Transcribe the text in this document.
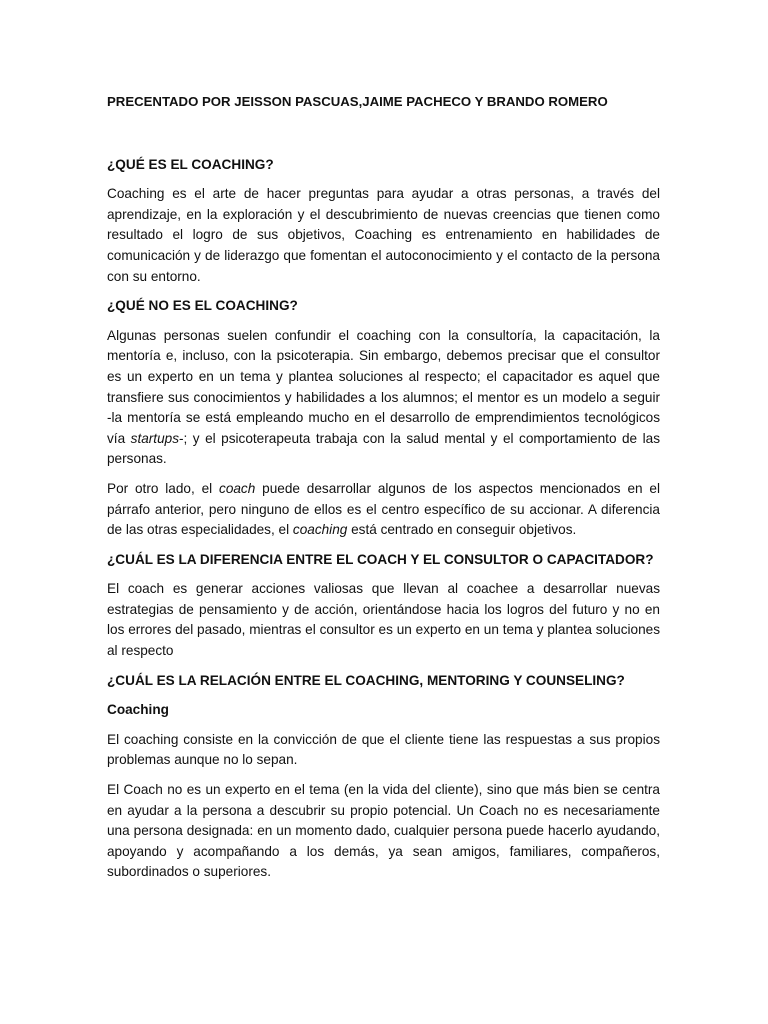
PRECENTADO POR JEISSON PASCUAS,JAIME PACHECO Y BRANDO ROMERO
¿QUÉ ES EL COACHING?

Coaching es el arte de hacer preguntas para ayudar a otras personas, a través del aprendizaje, en la exploración y el descubrimiento de nuevas creencias que tienen como resultado el logro de sus objetivos, Coaching es entrenamiento en habilidades de comunicación y de liderazgo que fomentan el autoconocimiento y el contacto de la persona con su entorno.

¿QUÉ NO ES EL COACHING?

Algunas personas suelen confundir el coaching con la consultoría, la capacitación, la mentoría e, incluso, con la psicoterapia. Sin embargo, debemos precisar que el consultor es un experto en un tema y plantea soluciones al respecto; el capacitador es aquel que transfiere sus conocimientos y habilidades a los alumnos; el mentor es un modelo a seguir -la mentoría se está empleando mucho en el desarrollo de emprendimientos tecnológicos vía startups-; y el psicoterapeuta trabaja con la salud mental y el comportamiento de las personas.

Por otro lado, el coach puede desarrollar algunos de los aspectos mencionados en el párrafo anterior, pero ninguno de ellos es el centro específico de su accionar. A diferencia de las otras especialidades, el coaching está centrado en conseguir objetivos.

¿CUÁL ES LA DIFERENCIA ENTRE EL COACH Y EL CONSULTOR O CAPACITADOR?

El coach es generar acciones valiosas que llevan al coachee a desarrollar nuevas estrategias de pensamiento y de acción, orientándose hacia los logros del futuro y no en los errores del pasado, mientras el consultor es un experto en un tema y plantea soluciones al respecto

¿CUÁL ES LA RELACIÓN ENTRE EL COACHING, MENTORING Y COUNSELING?
Coaching

El coaching consiste en la convicción de que el cliente tiene las respuestas a sus propios problemas aunque no lo sepan.

El Coach no es un experto en el tema (en la vida del cliente), sino que más bien se centra en ayudar a la persona a descubrir su propio potencial. Un Coach no es necesariamente una persona designada: en un momento dado, cualquier persona puede hacerlo ayudando, apoyando y acompañando a los demás, ya sean amigos, familiares, compañeros, subordinados o superiores.
